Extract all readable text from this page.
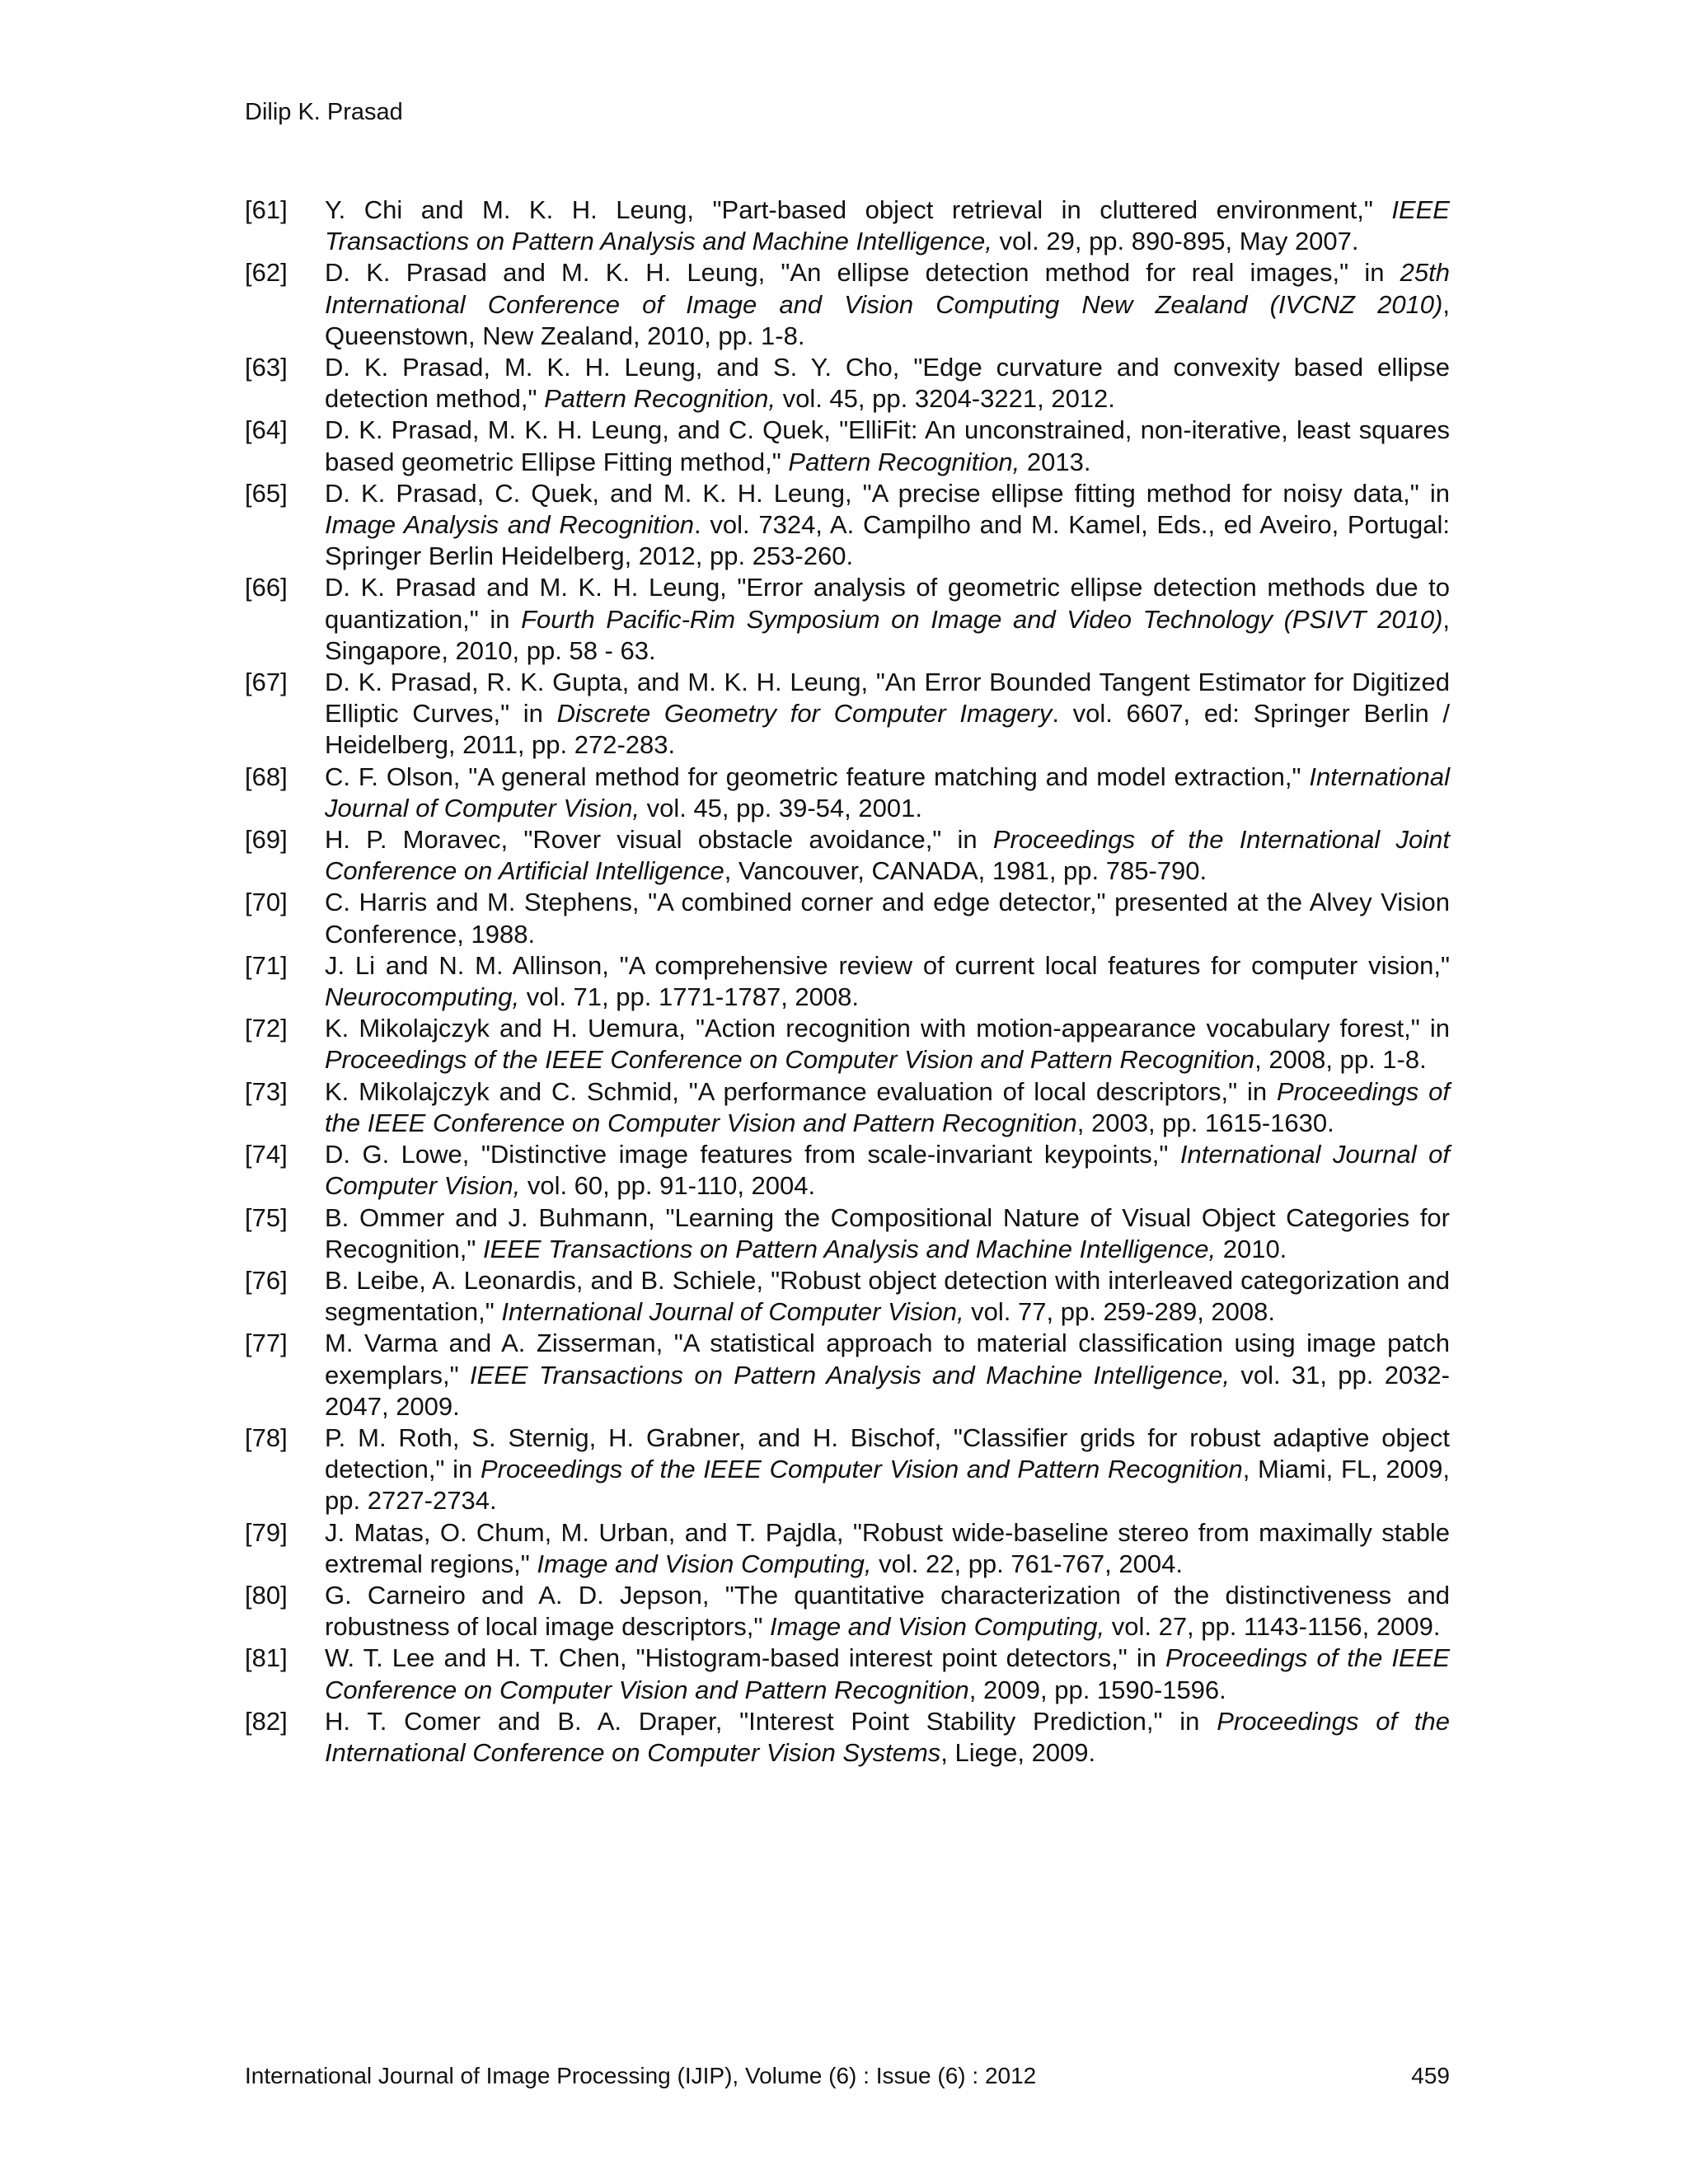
Dilip K. Prasad
[61]	Y. Chi and M. K. H. Leung, "Part-based object retrieval in cluttered environment," IEEE Transactions on Pattern Analysis and Machine Intelligence, vol. 29, pp. 890-895, May 2007.
[62]	D. K. Prasad and M. K. H. Leung, "An ellipse detection method for real images," in 25th International Conference of Image and Vision Computing New Zealand (IVCNZ 2010), Queenstown, New Zealand, 2010, pp. 1-8.
[63]	D. K. Prasad, M. K. H. Leung, and S. Y. Cho, "Edge curvature and convexity based ellipse detection method," Pattern Recognition, vol. 45, pp. 3204-3221, 2012.
[64]	D. K. Prasad, M. K. H. Leung, and C. Quek, "ElliFit: An unconstrained, non-iterative, least squares based geometric Ellipse Fitting method," Pattern Recognition, 2013.
[65]	D. K. Prasad, C. Quek, and M. K. H. Leung, "A precise ellipse fitting method for noisy data," in Image Analysis and Recognition. vol. 7324, A. Campilho and M. Kamel, Eds., ed Aveiro, Portugal: Springer Berlin Heidelberg, 2012, pp. 253-260.
[66]	D. K. Prasad and M. K. H. Leung, "Error analysis of geometric ellipse detection methods due to quantization," in Fourth Pacific-Rim Symposium on Image and Video Technology (PSIVT 2010), Singapore, 2010, pp. 58 - 63.
[67]	D. K. Prasad, R. K. Gupta, and M. K. H. Leung, "An Error Bounded Tangent Estimator for Digitized Elliptic Curves," in Discrete Geometry for Computer Imagery. vol. 6607, ed: Springer Berlin / Heidelberg, 2011, pp. 272-283.
[68]	C. F. Olson, "A general method for geometric feature matching and model extraction," International Journal of Computer Vision, vol. 45, pp. 39-54, 2001.
[69]	H. P. Moravec, "Rover visual obstacle avoidance," in Proceedings of the International Joint Conference on Artificial Intelligence, Vancouver, CANADA, 1981, pp. 785-790.
[70]	C. Harris and M. Stephens, "A combined corner and edge detector," presented at the Alvey Vision Conference, 1988.
[71]	J. Li and N. M. Allinson, "A comprehensive review of current local features for computer vision," Neurocomputing, vol. 71, pp. 1771-1787, 2008.
[72]	K. Mikolajczyk and H. Uemura, "Action recognition with motion-appearance vocabulary forest," in Proceedings of the IEEE Conference on Computer Vision and Pattern Recognition, 2008, pp. 1-8.
[73]	K. Mikolajczyk and C. Schmid, "A performance evaluation of local descriptors," in Proceedings of the IEEE Conference on Computer Vision and Pattern Recognition, 2003, pp. 1615-1630.
[74]	D. G. Lowe, "Distinctive image features from scale-invariant keypoints," International Journal of Computer Vision, vol. 60, pp. 91-110, 2004.
[75]	B. Ommer and J. Buhmann, "Learning the Compositional Nature of Visual Object Categories for Recognition," IEEE Transactions on Pattern Analysis and Machine Intelligence, 2010.
[76]	B. Leibe, A. Leonardis, and B. Schiele, "Robust object detection with interleaved categorization and segmentation," International Journal of Computer Vision, vol. 77, pp. 259-289, 2008.
[77]	M. Varma and A. Zisserman, "A statistical approach to material classification using image patch exemplars," IEEE Transactions on Pattern Analysis and Machine Intelligence, vol. 31, pp. 2032-2047, 2009.
[78]	P. M. Roth, S. Sternig, H. Grabner, and H. Bischof, "Classifier grids for robust adaptive object detection," in Proceedings of the IEEE Computer Vision and Pattern Recognition, Miami, FL, 2009, pp. 2727-2734.
[79]	J. Matas, O. Chum, M. Urban, and T. Pajdla, "Robust wide-baseline stereo from maximally stable extremal regions," Image and Vision Computing, vol. 22, pp. 761-767, 2004.
[80]	G. Carneiro and A. D. Jepson, "The quantitative characterization of the distinctiveness and robustness of local image descriptors," Image and Vision Computing, vol. 27, pp. 1143-1156, 2009.
[81]	W. T. Lee and H. T. Chen, "Histogram-based interest point detectors," in Proceedings of the IEEE Conference on Computer Vision and Pattern Recognition, 2009, pp. 1590-1596.
[82]	H. T. Comer and B. A. Draper, "Interest Point Stability Prediction," in Proceedings of the International Conference on Computer Vision Systems, Liege, 2009.
International Journal of Image Processing (IJIP), Volume (6) : Issue (6) : 2012	459
